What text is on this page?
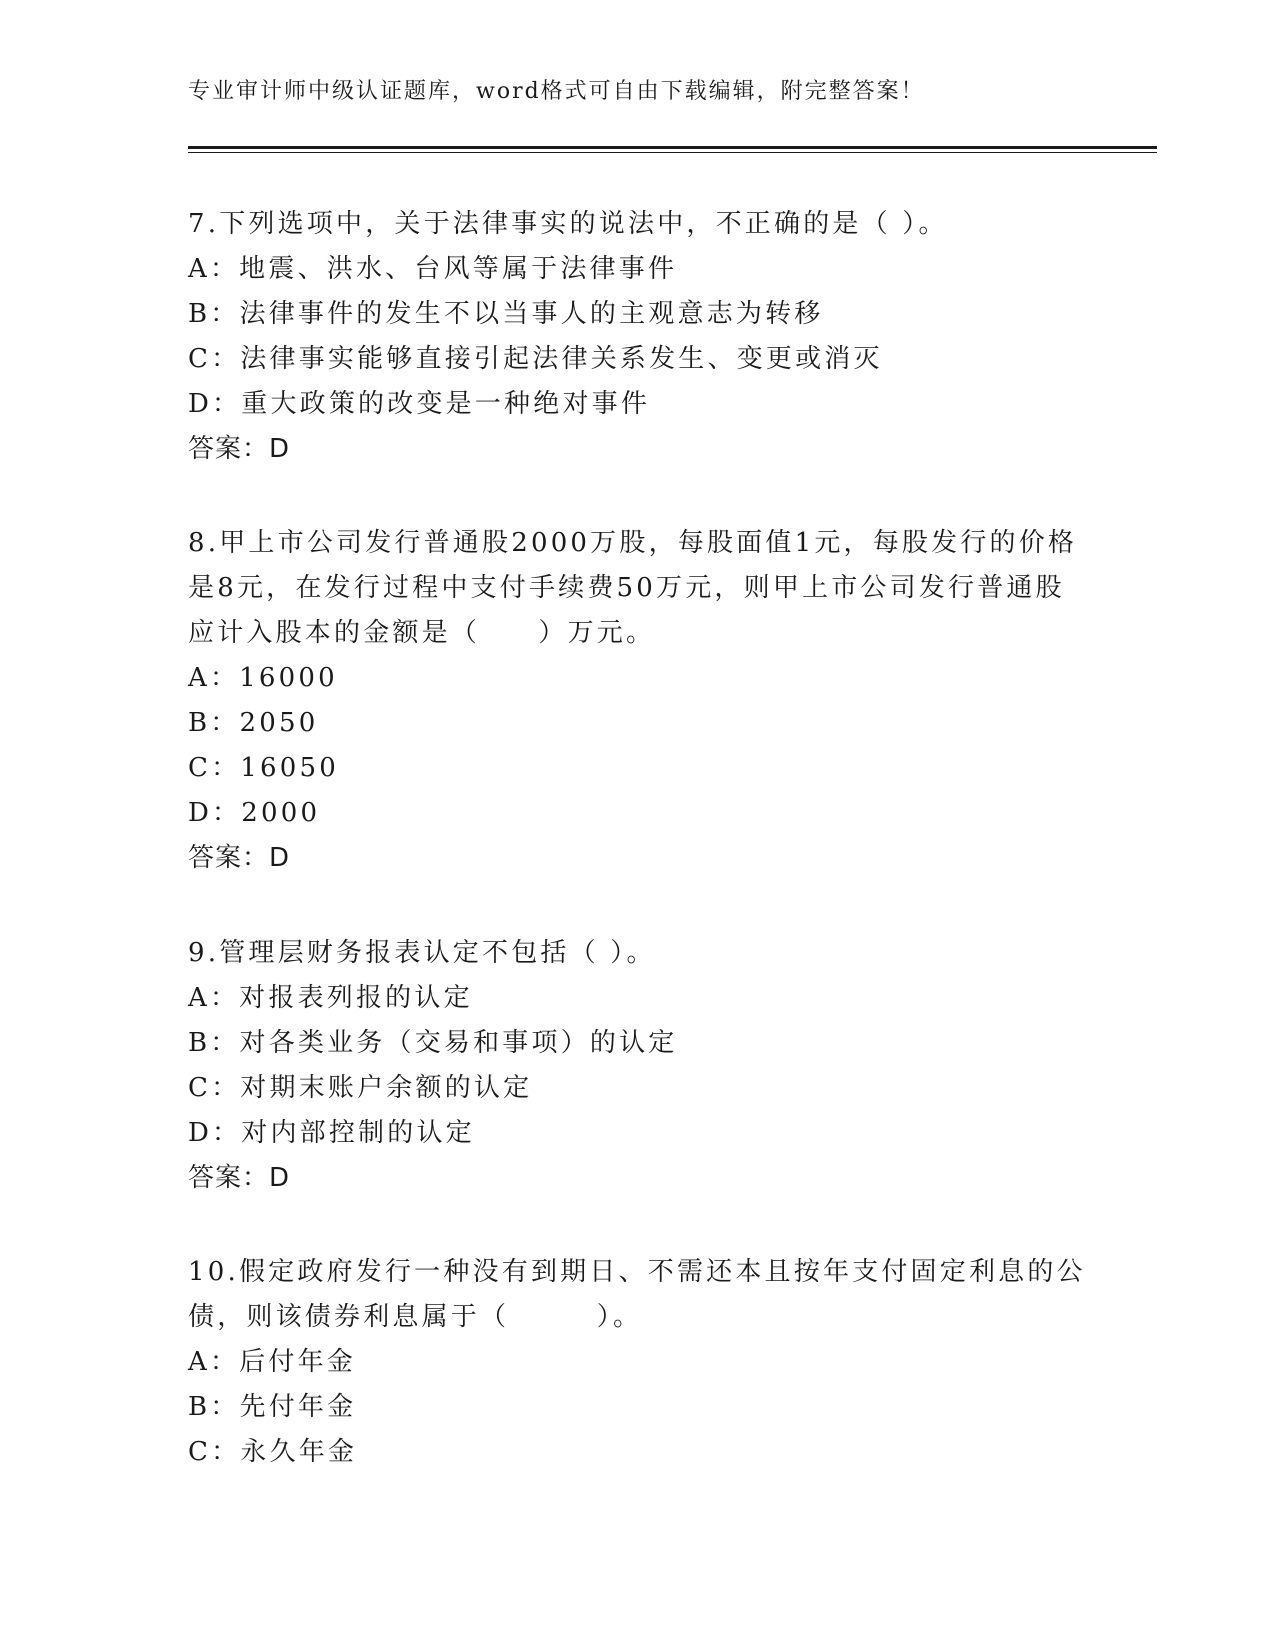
专业审计师中级认证题库，word格式可自由下载编辑，附完整答案！

7.下列选项中，关于法律事实的说法中，不正确的是（ ）。

A：地震、洪水、台风等属于法律事件

B：法律事件的发生不以当事人的主观意志为转移

C：法律事实能够直接引起法律关系发生、变更或消灭

D：重大政策的改变是一种绝对事件

答案：D

8.甲上市公司发行普通股2000万股，每股面值1元，每股发行的价格是8元，在发行过程中支付手续费50万元，则甲上市公司发行普通股应计入股本的金额是（　　）万元。

A：16000

B：2050

C：16050

D：2000

答案：D

9.管理层财务报表认定不包括（ ）。

A：对报表列报的认定

B：对各类业务（交易和事项）的认定

C：对期末账户余额的认定

D：对内部控制的认定

答案：D

10.假定政府发行一种没有到期日、不需还本且按年支付固定利息的公债，则该债券利息属于（　　　）。

A：后付年金

B：先付年金

C：永久年金
